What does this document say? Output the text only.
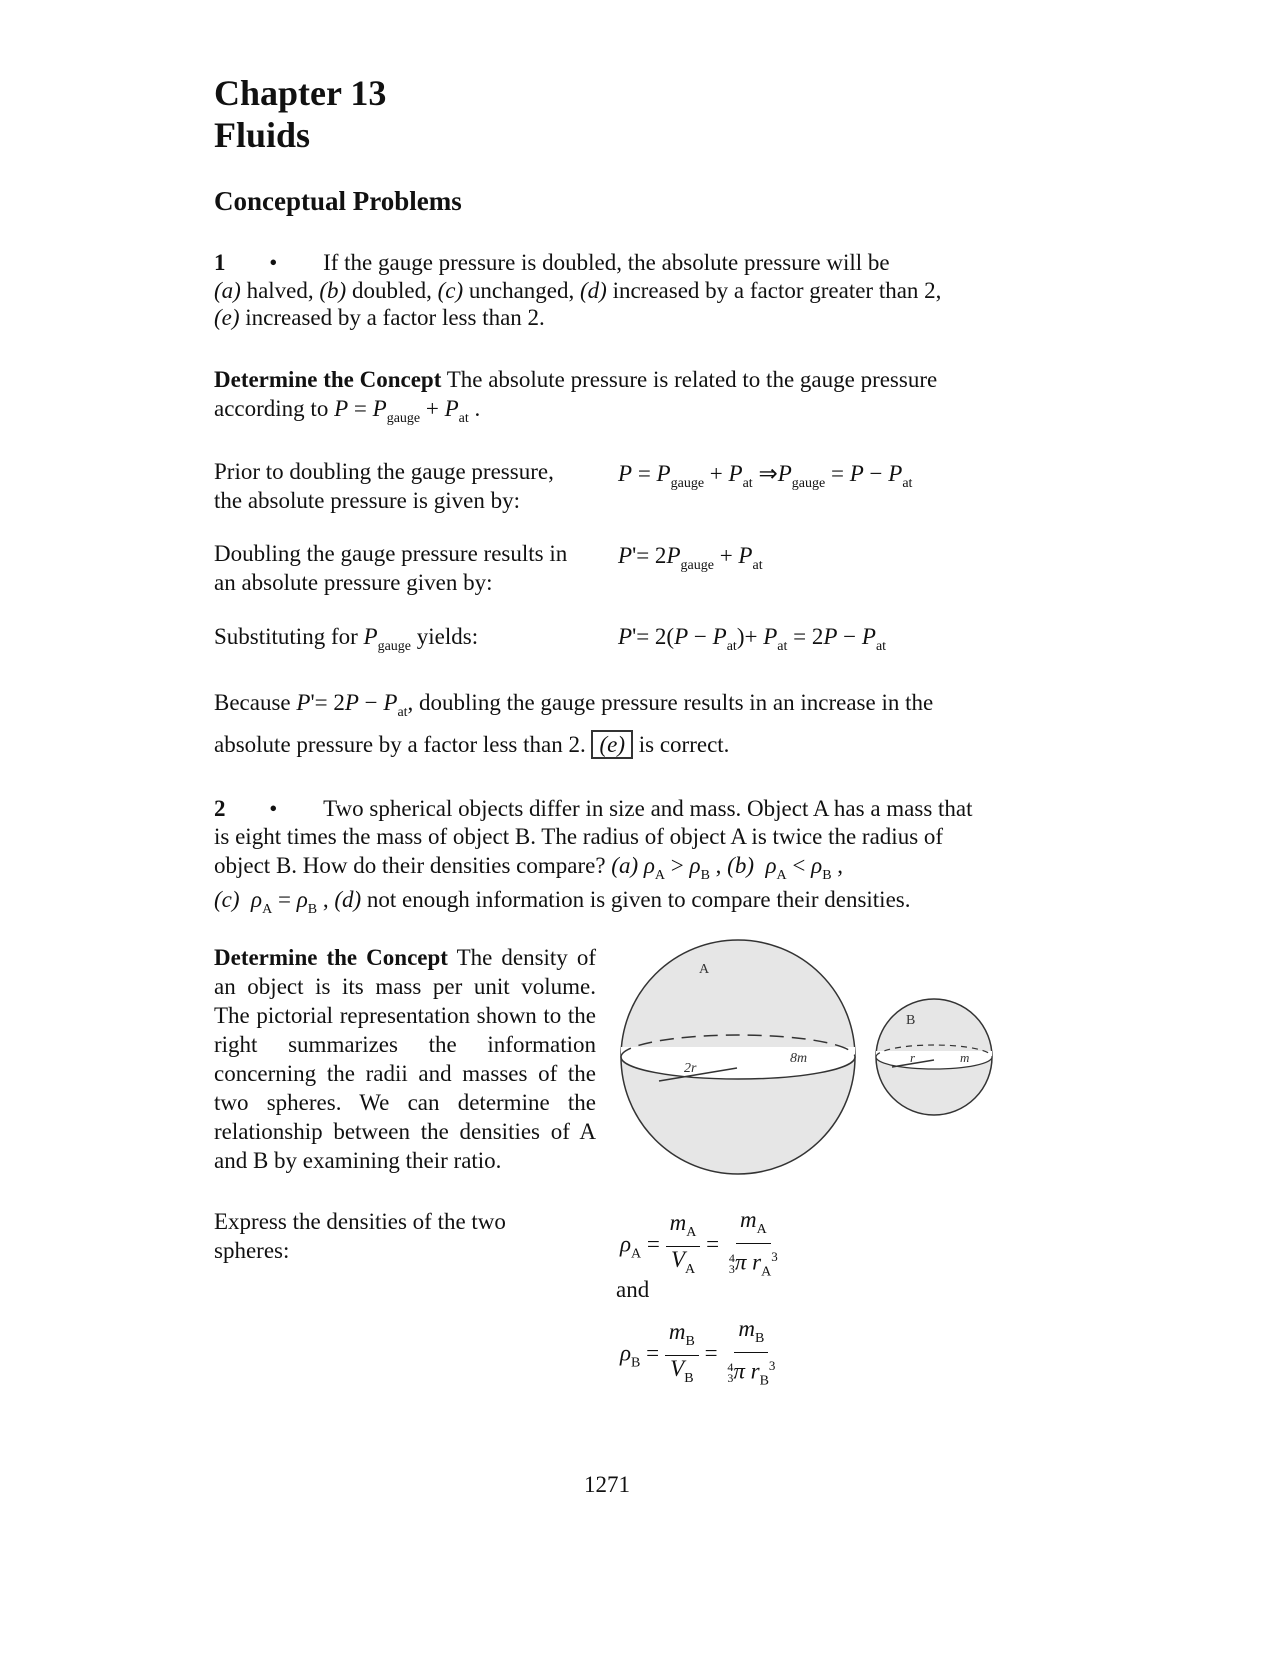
Chapter 13
Fluids
Conceptual Problems
1 • If the gauge pressure is doubled, the absolute pressure will be
(a) halved, (b) doubled, (c) unchanged, (d) increased by a factor greater than 2,
(e) increased by a factor less than 2.
Determine the Concept The absolute pressure is related to the gauge pressure
according to $P = P_{gauge} + P_{at}$ .
Prior to doubling the gauge pressure,
the absolute pressure is given by:
$P = P_{gauge} + P_{at}$ $\Rightarrow P_{gauge} = P - P_{at}$
Doubling the gauge pressure results in
an absolute pressure given by:
$P'= 2P_{gauge} + P_{at}$
Substituting for $P_{gauge}$ yields:	$P'= 2(P - P_{at})+ P_{at} = 2P - P_{at}$
Because $P'= 2P - P_{at}$, doubling the gauge pressure results in an increase in the
absolute pressure by a factor less than 2. (e) is correct.
2 • Two spherical objects differ in size and mass. Object A has a mass that
is eight times the mass of object B. The radius of object A is twice the radius of
object B. How do their densities compare? (a) $\rho_A > \rho_B$ , (b) $\rho_A < \rho_B$ ,
(c) $\rho_A = \rho_B$ , (d) not enough information is given to compare their densities.
Determine the Concept The density of an object is its mass per unit volume. The pictorial representation shown to the right summarizes the information concerning the radii and masses of the two spheres. We can determine the relationship between the densities of A and B by examining their ratio.
A
2r
8m
B
r	m
Express the densities of the two
spheres:	$\rho_A = \frac{m_A}{V_A} = m_A$
4
3 π $r_A^3$
and
$\rho_B = \frac{m_B}{V_B} = m_B$
4
3 π $r_B^3$
1271
